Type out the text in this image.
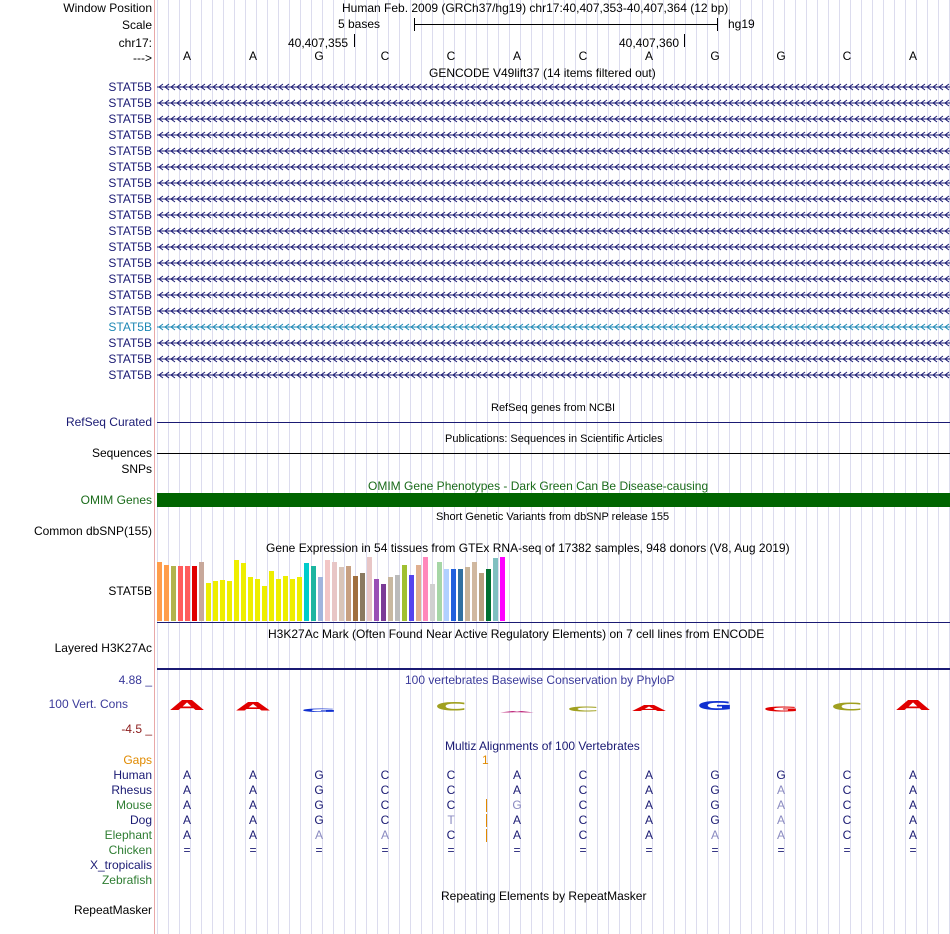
Window Position	Human Feb. 2009 (GRCh37/hg19) chr17:40,407,353-40,407,364 (12 bp)
Scale	5 bases	hg19
chr17:	40,407,355	40,407,360
--->	A	A	G	C	C	A	C	A	G	G	C	A
GENCODE V49lift37 (14 items filtered out)
STAT5B
STAT5B
STAT5B
STAT5B
STAT5B
STAT5B
STAT5B
STAT5B
STAT5B
STAT5B
STAT5B
STAT5B
STAT5B
STAT5B
STAT5B
STAT5B
STAT5B
STAT5B
STAT5B
RefSeq genes from NCBI
RefSeq Curated
Publications: Sequences in Scientific Articles
Sequences
SNPs
OMIM Gene Phenotypes - Dark Green Can Be Disease-causing
OMIM Genes
Short Genetic Variants from dbSNP release 155
Common dbSNP(155)
Gene Expression in 54 tissues from GTEx RNA-seq of 17382 samples, 948 donors (V8, Aug 2019)
STAT5B
H3K27Ac Mark (Often Found Near Active Regulatory Elements) on 7 cell lines from ENCODE
Layered H3K27Ac
100 vertebrates Basewise Conservation by PhyloP
4.88 _
100 Vert. Cons
-4.5 _
A	A	G	C	A	C	A	G	G	C	A
Multiz Alignments of 100 Vertebrates
Gaps	1
Human	A	A	G	C	C	A	C	A	G	G	C	A
Rhesus	A	A	G	C	C	A	C	A	G	A	C	A
Mouse	A	A	G	C	C	G	C	A	G	A	C	A
Dog	A	A	G	C	T	A	C	A	G	A	C	A
Elephant	A	A	A	A	C	A	C	A	A	A	C	A
Chicken	=	=	=	=	=	=	=	=	=	=	=	=
X_tropicalis
Zebrafish
Repeating Elements by RepeatMasker
RepeatMasker
